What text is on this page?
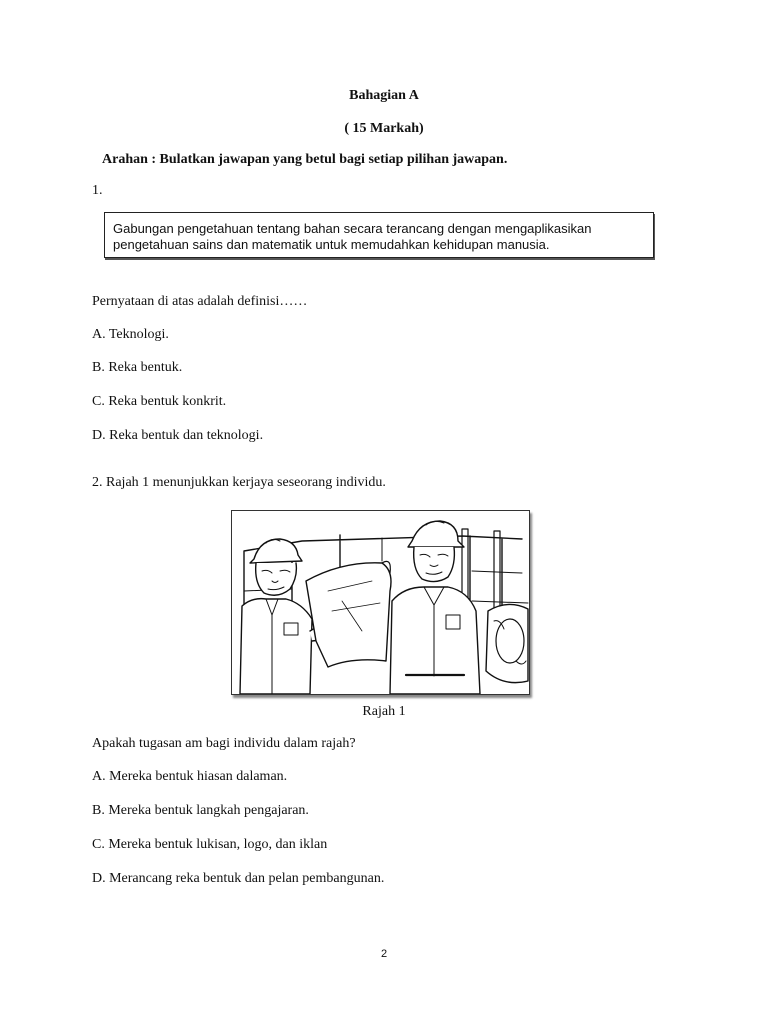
Bahagian A
( 15 Markah)
Arahan : Bulatkan jawapan yang betul bagi setiap pilihan jawapan.
1.
Gabungan pengetahuan tentang bahan secara terancang dengan mengaplikasikan
pengetahuan sains dan matematik untuk memudahkan kehidupan manusia.
Pernyataan di atas adalah definisi……
A. Teknologi.
B. Reka bentuk.
C. Reka bentuk konkrit.
D. Reka bentuk dan teknologi.
2. Rajah 1 menunjukkan kerjaya seseorang individu.
Rajah 1
Apakah tugasan am bagi individu dalam rajah?
A. Mereka bentuk hiasan dalaman.
B. Mereka bentuk langkah pengajaran.
C. Mereka bentuk lukisan, logo, dan iklan
D. Merancang reka bentuk dan pelan pembangunan.
2
